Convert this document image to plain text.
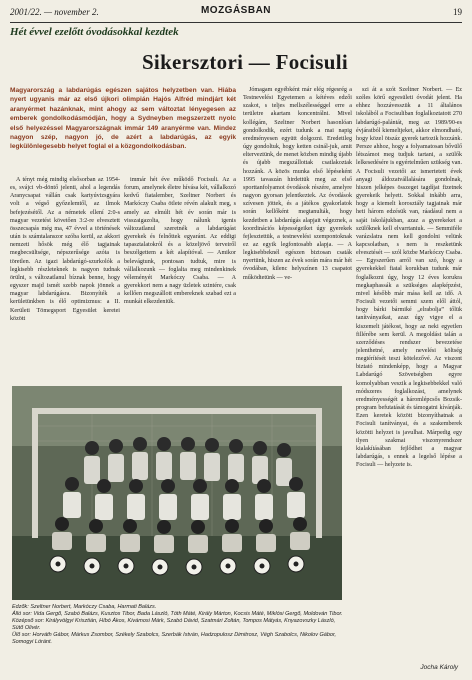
2001/22. — november 2.	MOZGÁSBAN	19
Hét évvel ezelőtt óvodásokkal kezdtek
Sikersztori — Focisuli
Magyarország a labdarúgás egészen sajátos helyzetben van. Hiába nyert ugyanis már az első újkori olimpián Hajós Alfréd mindjárt két aranyérmet hazánknak, mint ahogy az sem változtat lényegesen az emberek gondolkodásmódján, hogy a Sydneyben megszerzett nyolc első helyezéssel Magyarországnak immár 149 aranyérme van. Mindez nagyon szép, nagyon jó, de azért a labdarúgás, az egyik legkülönlegesebb helyet foglal el a közgondolkodásban.

A tényt még mindig elsősorban az 1954-es, svájci vb-döntő jelenti, ahol a legendás Aranycsapat vállán csak kartyúvizsgyára volt a végső győzelemtől, az ilmok befejezésétől. Az a németek ellení 2:0-s magyar vezetést követően 3:2-re elvesztett összecsapás még ma, 47 évvel a történések után is számtalanszor szóba kerül, az akkori nemzeti hősök még élő tagjainak megbecsültsége, népszerűsége azóta is töretlen. Az igazi labdarúgó-szurkolók a legkisebb részleteknek is nagyon tudnak örülni, s változatlanul bíznak benne, hogy egyszer majd ismét szebb napok jönnek a magyar labdarúgásra. Bizonyíték a kerületünkben is élő optimizmus: a II. Kerületi Tömegsport Egyesület keretei között

immár hét éve működő Focisuli. Az a forum, amelynek életre hívása két, vállalkozó kedvű fiatalember, Szeltner Norbert és Markóczy Csaba ötlete révén alakult meg, s amely az elmúlt hét év során már is visszaigazolta, hogy nálunk igenis változatlanul szeretnék a labdarúgást gyerekek és felnőttek egyaránt. Az eddigi tapasztalatokról és a közeljövő terveiről beszélgettem a két alapítóval. — Amikor belevágtunk, pontosan tudtuk, mire is vállalkozunk — foglalta meg mindenkinek véleményét Markóczy Csaba. — A gyerekkori nem a nagy üzletek szintére, csak kellően megszállott embereknek szabad ezt a munkát elkezdeniük.

Jómagam egyébként már elég régesrég a Testnevelési Egyetemen a kétéves edzői szakot, s teljes mellszélességgel erre a területre akartam koncentrálni. Mivel kollégám, Szeltner Norbert hasonlóan gondolkodik, ezért tudunk a mai napig eredményesen együtt dolgozni. Eredetileg úgy gondoltuk, hogy ketten csinál-juk, amit elterveztünk, de menet közben mindig újabb és újabb megszállottak csatlakoztak hozzánk. A közös munka első lépéseként 1995 tavaszán hirdettük meg az első sporttanfolyamot óvodások részére, amelyre nagyon gyorsan jelentkeztek. Az óvodások szívesen jöttek, és a játékos gyakorlatok során kellőként megtanulták, hogy kezdetben a labdarúgás alapjait végeznek, a koordinációs képességeiket úgy gyerekek fejlesztettük, a testnevelési szempontoknak ez az egyik legfontosabb alapja. — A legkisebbeknél egészen biztosan csaták nyertünk, hiszen az évek során mára már hét óvodában, kilenc helyszínen 13 csapatot működtetünk — ve-

szi át a szót Szeltner Norbert. — Ez széles körű egyesületi óvodát jelent. Ha ehhez hozzávesszük a 11 általános iskolából a Focisuliban foglalkoztatott 270 labdarúgó-palántát, meg az 1989/90-es évjáratból kiemeltjeket, akkor elmondható, hogy közel ötszáz gyerek tartozik hozzánk. Persze ahhoz, hogy a folyamatosan bővülő létszámot meg tudjuk tartani, a szülők lelkesedésére is egyértelműen szükség van. A Focisuli vezetői az ismertetett évek anyagi áldozatvállalására gondolnak, hiszen jelképes összeget tagdíjat fizetnek gyerekeik helyett. Sokkal inkább arra, hogy a kiemelt korosztály tagjainak már heti három edzésük van, ráadásul nem a saját iskolájukban, azaz a gyerekeket a szülőknek kell elvarrtaniuk. — Semmiféle varázslatra nem kell gondolni velünk kapcsolatban, s nem is reszketünk elvesztését — szól közbe Markóczy Csaba. — Egyszerűen arról van szó, hogy a gyerekekkel fiatal korukban tudunk már foglalkozni úgy, hogy 12 éves korukra megkaphassák a szükséges alapképzést, mivel később már mása kell az idő. A Focisuli vezetői semmi szem elől áttól, hogy bárki bármiké „elrabolja” tőlük tanítványaikat, azaz úgy vigye el a kiszemelt játékost, hogy az neki egyetlen fillérébe sem kerül. A megoldást talán a szerződéses rendszer bevezetése jelenthetné, amely nevelési költség megtérítését teszi kötelezővé. Az viszont biztató mindenképp, hogy a Magyar Labdarúgó Szövetségben egyre komolyabban veszik a legkisebbekkel való módszeres foglalkozást, amelynek eredményességét a háromlépcsős Bozsik-program befutatását és támogatni kívánják. Ezen keretek között bizonyíthatnak a Focisuli tanítványai, és a szakemberek közötti helyzet is javulhat. Márpedig egy ilyen szakmai viszonyrendszer kialakításában fejlődhet a magyar labdarúgás, s ennek a legelső lépése a Focisuli — helyzete is.

Edzők: Szeltner Norbert, Markóczy Csaba, Harmati Balázs.
Álló sor: Vida Gergő, Szabó Balázs, Kusztos Tibor, Bada László, Tóth Máté, Király Márton, Kocsis Máté, Miklósi Gergő, Moldován Tibor.
Középső sor: Királyvölgyi Krisztián, Híbó Ákos, Kivámosi Márk, Szabó Dávid, Szatmári Zoltán, Tompos Mátyás, Knyazovszky László, Sütő Olivér.
Ülő sor: Horváth Gábor, Márkus Zsombor, Székely Szabolcs, Szerbák István, Hadzopulosz Dimitrosz, Végh Szabolcs, Nikolov Gábor, Somogyi Lóránt.
Jocha Károly
